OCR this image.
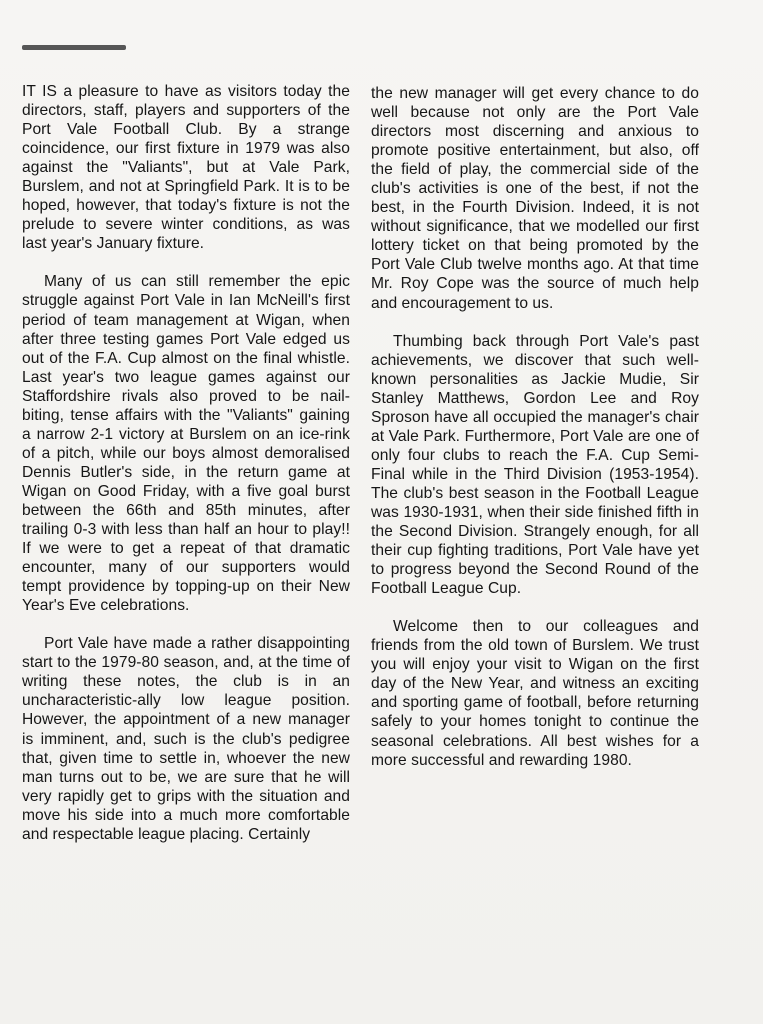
IT IS a pleasure to have as visitors today the directors, staff, players and supporters of the Port Vale Football Club. By a strange coincidence, our first fixture in 1979 was also against the "Valiants", but at Vale Park, Burslem, and not at Springfield Park. It is to be hoped, however, that today's fixture is not the prelude to severe winter conditions, as was last year's January fixture.

Many of us can still remember the epic struggle against Port Vale in Ian McNeill's first period of team management at Wigan, when after three testing games Port Vale edged us out of the F.A. Cup almost on the final whistle. Last year's two league games against our Staffordshire rivals also proved to be nail-biting, tense affairs with the "Valiants" gaining a narrow 2-1 victory at Burslem on an ice-rink of a pitch, while our boys almost demoralised Dennis Butler's side, in the return game at Wigan on Good Friday, with a five goal burst between the 66th and 85th minutes, after trailing 0-3 with less than half an hour to play!! If we were to get a repeat of that dramatic encounter, many of our supporters would tempt providence by topping-up on their New Year's Eve celebrations.

Port Vale have made a rather disappointing start to the 1979-80 season, and, at the time of writing these notes, the club is in an uncharacteristic-ally low league position. However, the appointment of a new manager is imminent, and, such is the club's pedigree that, given time to settle in, whoever the new man turns out to be, we are sure that he will very rapidly get to grips with the situation and move his side into a much more comfortable and respectable league placing. Certainly

the new manager will get every chance to do well because not only are the Port Vale directors most discerning and anxious to promote positive entertainment, but also, off the field of play, the commercial side of the club's activities is one of the best, if not the best, in the Fourth Division. Indeed, it is not without significance, that we modelled our first lottery ticket on that being promoted by the Port Vale Club twelve months ago. At that time Mr. Roy Cope was the source of much help and encouragement to us.

Thumbing back through Port Vale's past achievements, we discover that such well-known personalities as Jackie Mudie, Sir Stanley Matthews, Gordon Lee and Roy Sproson have all occupied the manager's chair at Vale Park. Furthermore, Port Vale are one of only four clubs to reach the F.A. Cup Semi-Final while in the Third Division (1953-1954). The club's best season in the Football League was 1930-1931, when their side finished fifth in the Second Division. Strangely enough, for all their cup fighting traditions, Port Vale have yet to progress beyond the Second Round of the Football League Cup.

Welcome then to our colleagues and friends from the old town of Burslem. We trust you will enjoy your visit to Wigan on the first day of the New Year, and witness an exciting and sporting game of football, before returning safely to your homes tonight to continue the seasonal celebrations. All best wishes for a more successful and rewarding 1980.
